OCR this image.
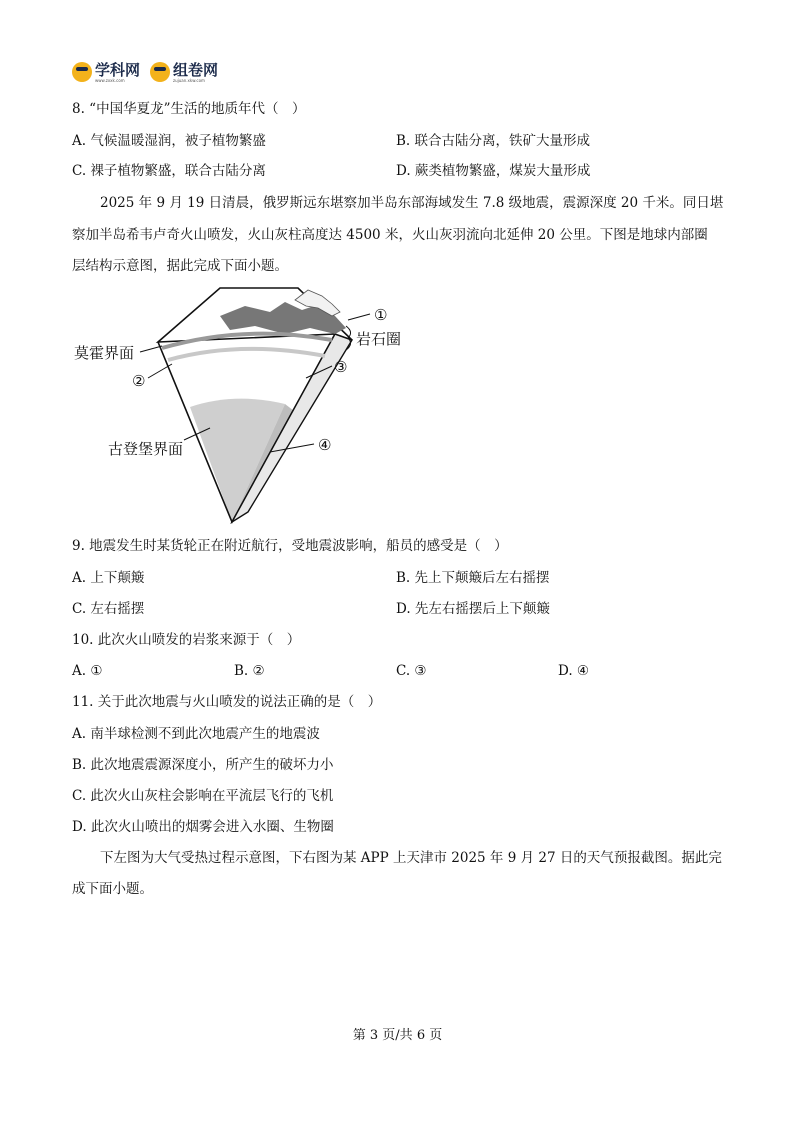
学科网
www.zxxk.com
组卷网
zujuan.xkw.com
8. “中国华夏龙”生活的地质年代（　）
A. 气候温暖湿润，被子植物繁盛	B. 联合古陆分离，铁矿大量形成
C. 裸子植物繁盛，联合古陆分离	D. 蕨类植物繁盛，煤炭大量形成
2025 年 9 月 19 日清晨，俄罗斯远东堪察加半岛东部海域发生 7.8 级地震，震源深度 20 千米。同日堪
察加半岛希韦卢奇火山喷发，火山灰柱高度达 4500 米，火山灰羽流向北延伸 20 公里。下图是地球内部圈
层结构示意图，据此完成下面小题。
①
岩石圈
莫霍界面
②
③
古登堡界面	④
9. 地震发生时某货轮正在附近航行，受地震波影响，船员的感受是（　）
A. 上下颠簸	B. 先上下颠簸后左右摇摆
C. 左右摇摆	D. 先左右摇摆后上下颠簸
10. 此次火山喷发的岩浆来源于（　）
A. ①	B. ②	C. ③	D. ④
11. 关于此次地震与火山喷发的说法正确的是（　）
A. 南半球检测不到此次地震产生的地震波
B. 此次地震震源深度小，所产生的破坏力小
C. 此次火山灰柱会影响在平流层飞行的飞机
D. 此次火山喷出的烟雾会进入水圈、生物圈
下左图为大气受热过程示意图，下右图为某 APP 上天津市 2025 年 9 月 27 日的天气预报截图。据此完
成下面小题。
第 3 页/共 6 页
